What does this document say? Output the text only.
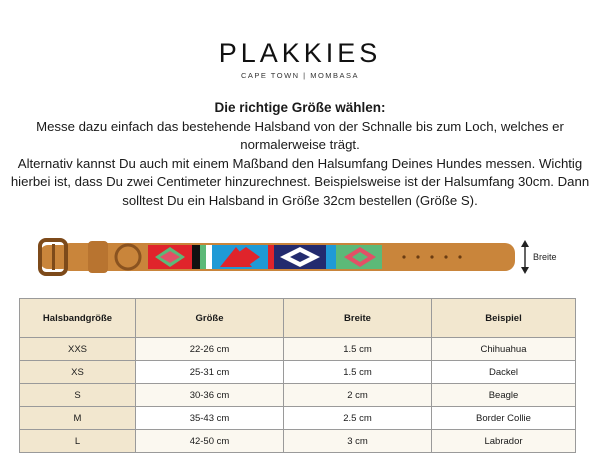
PLAKKIES
CAPE TOWN | MOMBASA
Die richtige Größe wählen:
Messe dazu einfach das bestehende Halsband von der Schnalle bis zum Loch, welches er
normalerweise trägt.
Alternativ kannst Du auch mit einem Maßband den Halsumfang Deines Hundes messen. Wichtig
hierbei ist, dass Du zwei Centimeter hinzurechnest. Beispielsweise ist der Halsumfang 30cm. Dann
solltest Du ein Halsband in Größe 32cm bestellen (Größe S).
Breite
Halsbandgröße	Größe	Breite	Beispiel
XXS	22-26 cm	1.5 cm	Chihuahua
XS	25-31 cm	1.5 cm	Dackel
S	30-36 cm	2 cm	Beagle
M	35-43 cm	2.5 cm	Border Collie
L	42-50 cm	3 cm	Labrador
